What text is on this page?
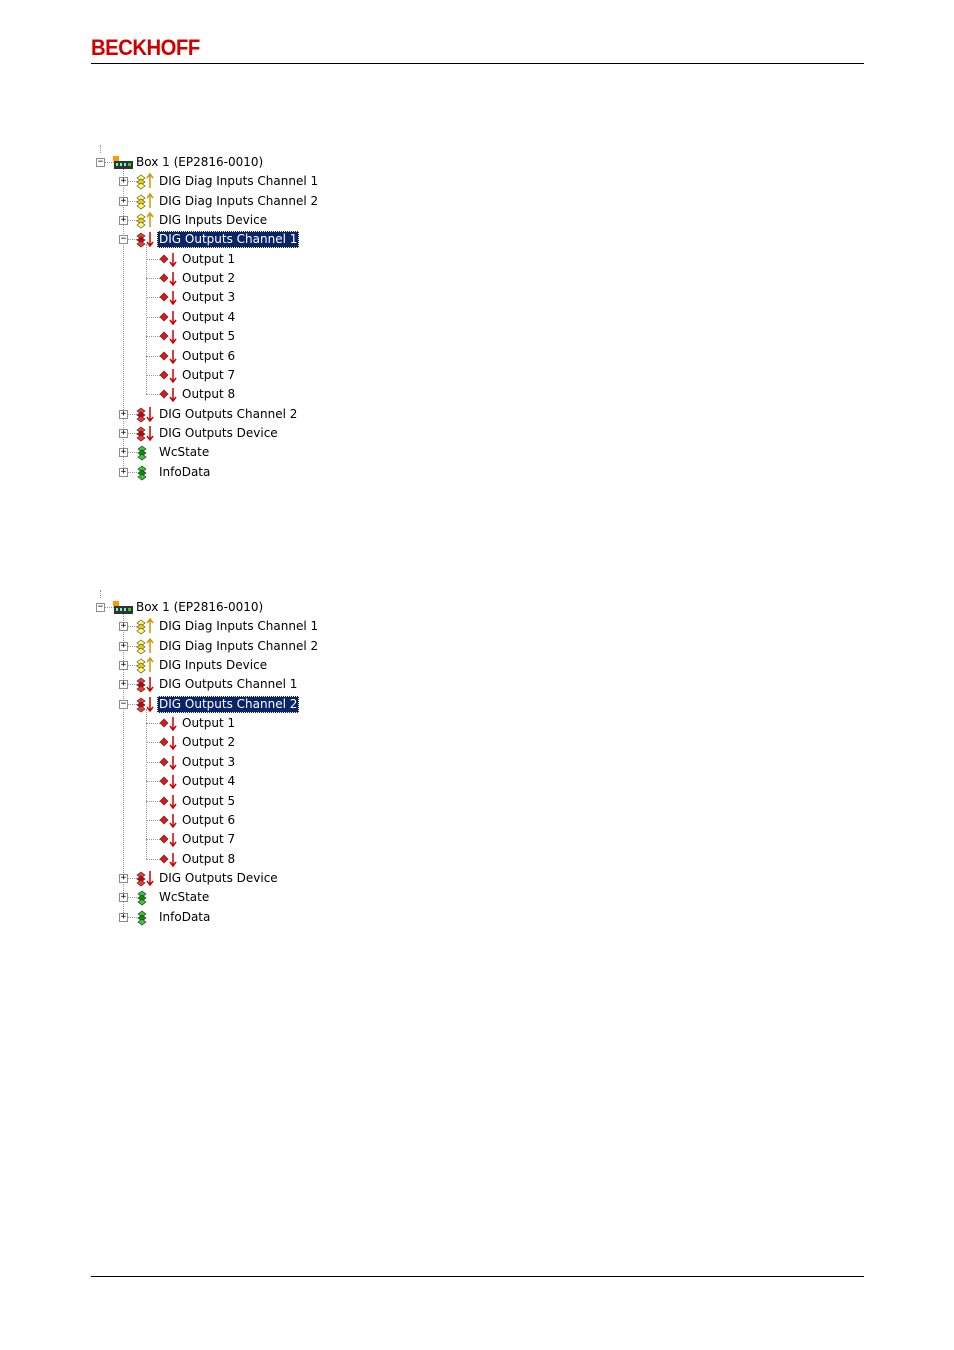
BECKHOFF
−	Box 1 (EP2816-0010)
+	DIG Diag Inputs Channel 1
+	DIG Diag Inputs Channel 2
+	DIG Inputs Device
−	DIG Outputs Channel 1
Output 1
Output 2
Output 3
Output 4
Output 5
Output 6
Output 7
Output 8
+	DIG Outputs Channel 2
+	DIG Outputs Device
+	WcState
+	InfoData
−	Box 1 (EP2816-0010)
+	DIG Diag Inputs Channel 1
+	DIG Diag Inputs Channel 2
+	DIG Inputs Device
+	DIG Outputs Channel 1
−	DIG Outputs Channel 2
Output 1
Output 2
Output 3
Output 4
Output 5
Output 6
Output 7
Output 8
+	DIG Outputs Device
+	WcState
+	InfoData
